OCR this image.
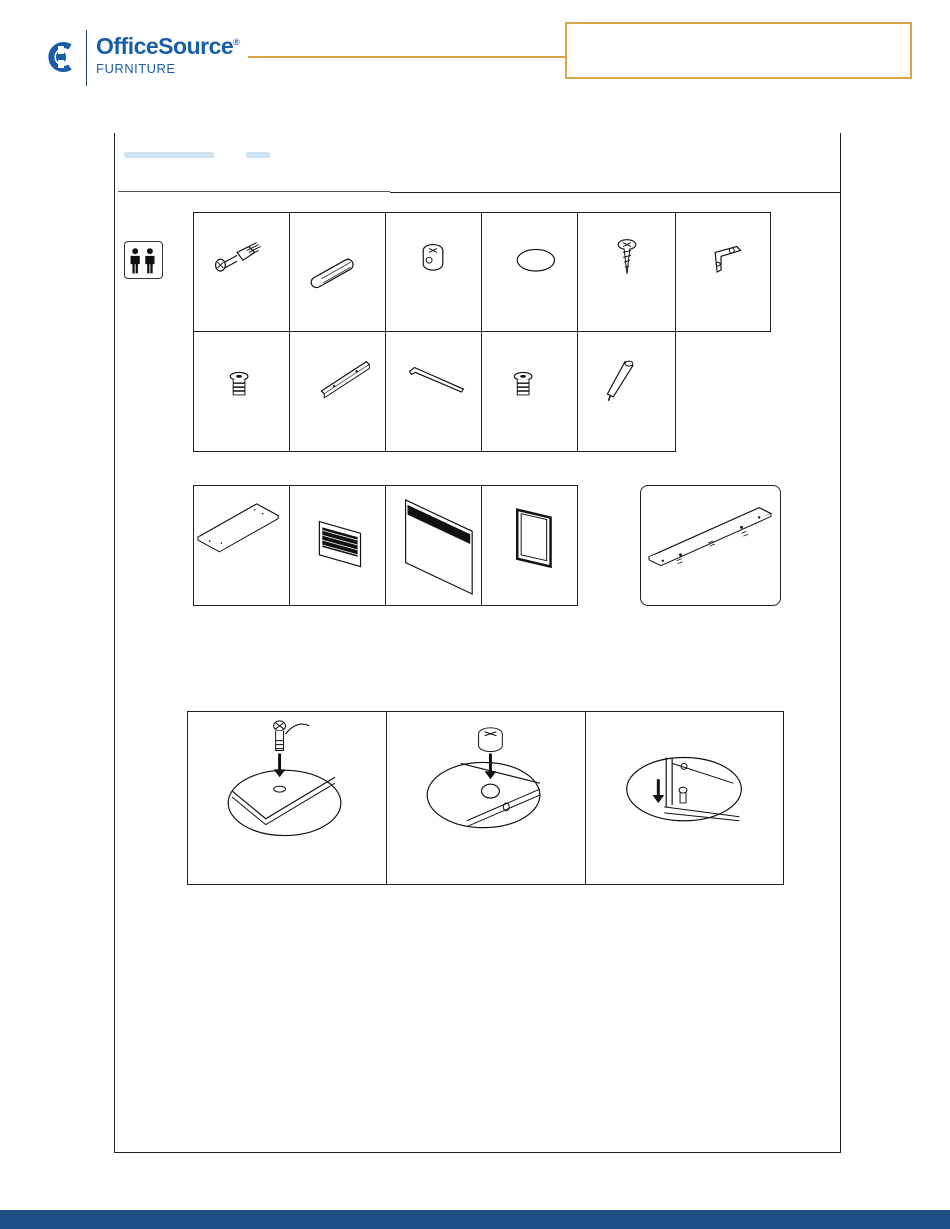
OfficeSource®
FURNITURE
